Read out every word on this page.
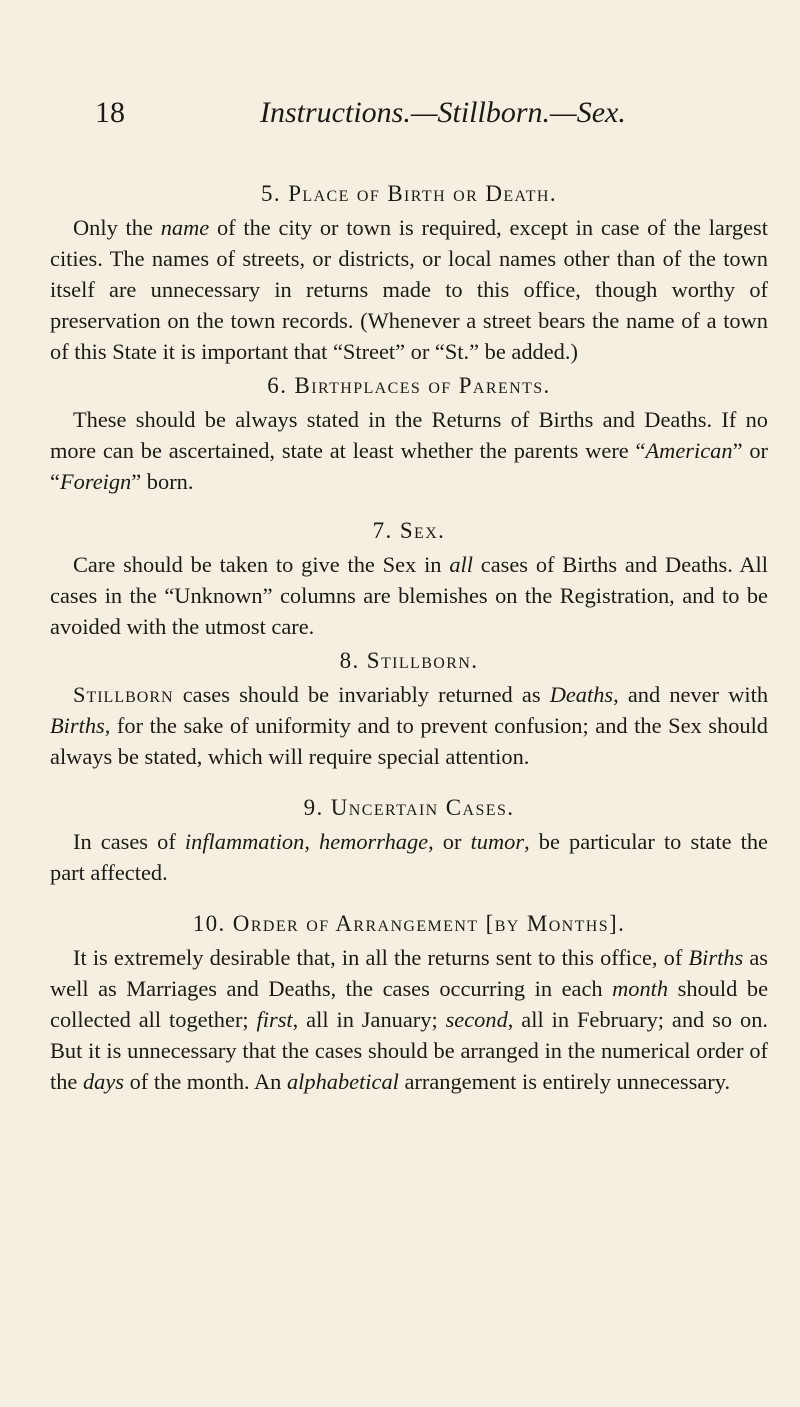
18	Instructions.—Stillborn.—Sex.
5. Place of Birth or Death.

Only the name of the city or town is required, except in case of the largest cities. The names of streets, or districts, or local names other than of the town itself are unnecessary in returns made to this office, though worthy of preservation on the town records. (Whenever a street bears the name of a town of this State it is important that “Street” or “St.” be added.)

6. Birthplaces of Parents.

These should be always stated in the Returns of Births and Deaths. If no more can be ascertained, state at least whether the parents were “American” or “Foreign” born.

7. Sex.

Care should be taken to give the Sex in all cases of Births and Deaths. All cases in the “Unknown” columns are blemishes on the Registration, and to be avoided with the utmost care.

8. Stillborn.

Stillborn cases should be invariably returned as Deaths, and never with Births, for the sake of uniformity and to prevent confusion; and the Sex should always be stated, which will require special attention.

9. Uncertain Cases.

In cases of inflammation, hemorrhage, or tumor, be particular to state the part affected.

10. Order of Arrangement [by Months].

It is extremely desirable that, in all the returns sent to this office, of Births as well as Marriages and Deaths, the cases occurring in each month should be collected all together; first, all in January; second, all in February; and so on. But it is unnecessary that the cases should be arranged in the numerical order of the days of the month. An alphabetical arrangement is entirely unnecessary.
